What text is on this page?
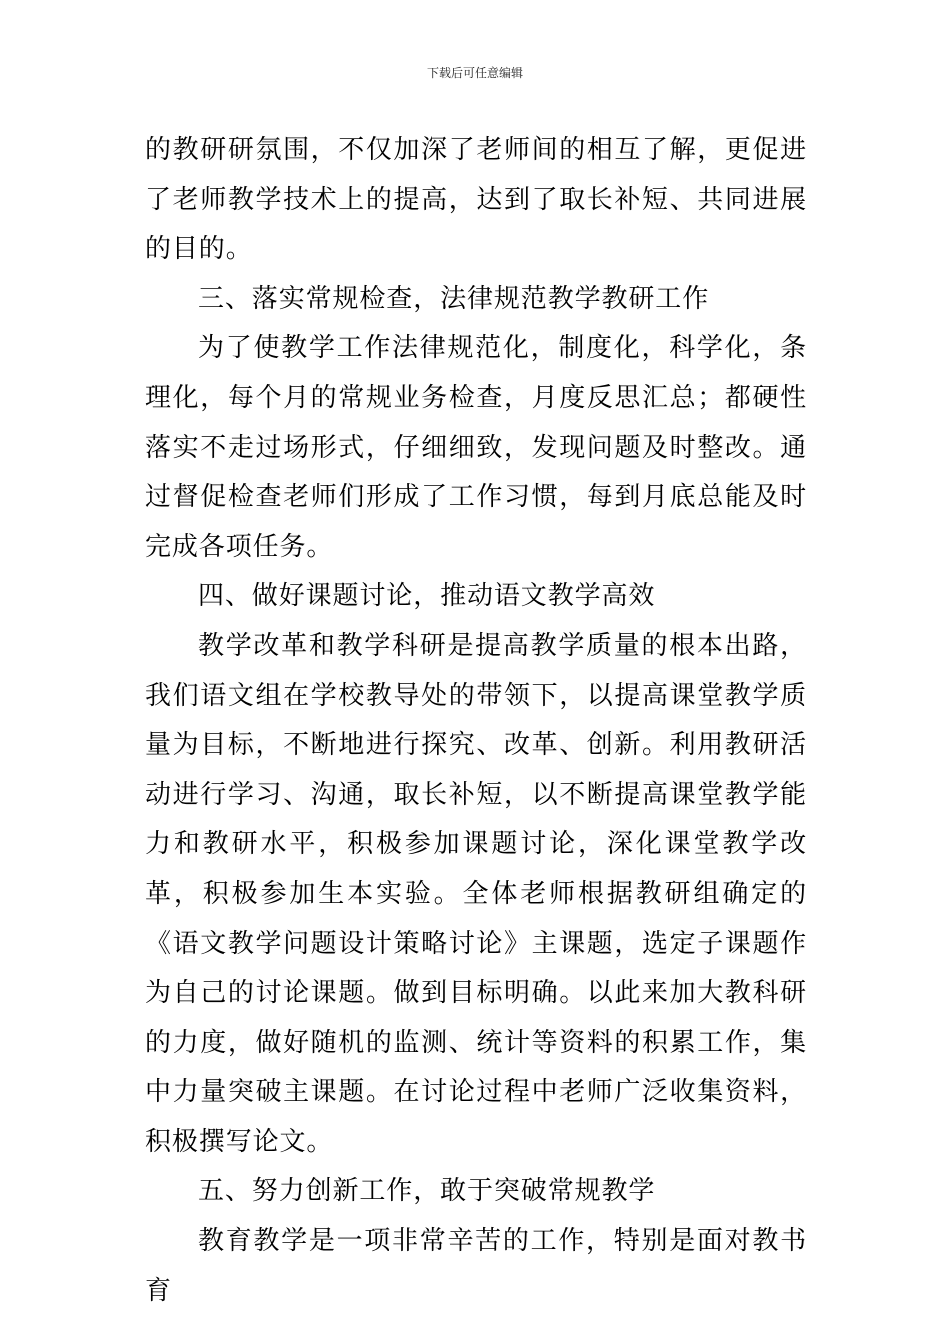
下载后可任意编辑

的教研研氛围，不仅加深了老师间的相互了解，更促进了老师教学技术上的提高，达到了取长补短、共同进展的目的。

三、落实常规检查，法律规范教学教研工作

为了使教学工作法律规范化，制度化，科学化，条理化，每个月的常规业务检查，月度反思汇总；都硬性落实不走过场形式，仔细细致，发现问题及时整改。通过督促检查老师们形成了工作习惯，每到月底总能及时完成各项任务。

四、做好课题讨论，推动语文教学高效

教学改革和教学科研是提高教学质量的根本出路，我们语文组在学校教导处的带领下，以提高课堂教学质量为目标，不断地进行探究、改革、创新。利用教研活动进行学习、沟通，取长补短，以不断提高课堂教学能力和教研水平，积极参加课题讨论，深化课堂教学改革，积极参加生本实验。全体老师根据教研组确定的《语文教学问题设计策略讨论》主课题，选定子课题作为自己的讨论课题。做到目标明确。以此来加大教科研的力度，做好随机的监测、统计等资料的积累工作，集中力量突破主课题。在讨论过程中老师广泛收集资料，积极撰写论文。

五、努力创新工作，敢于突破常规教学

教育教学是一项非常辛苦的工作，特别是面对教书育
